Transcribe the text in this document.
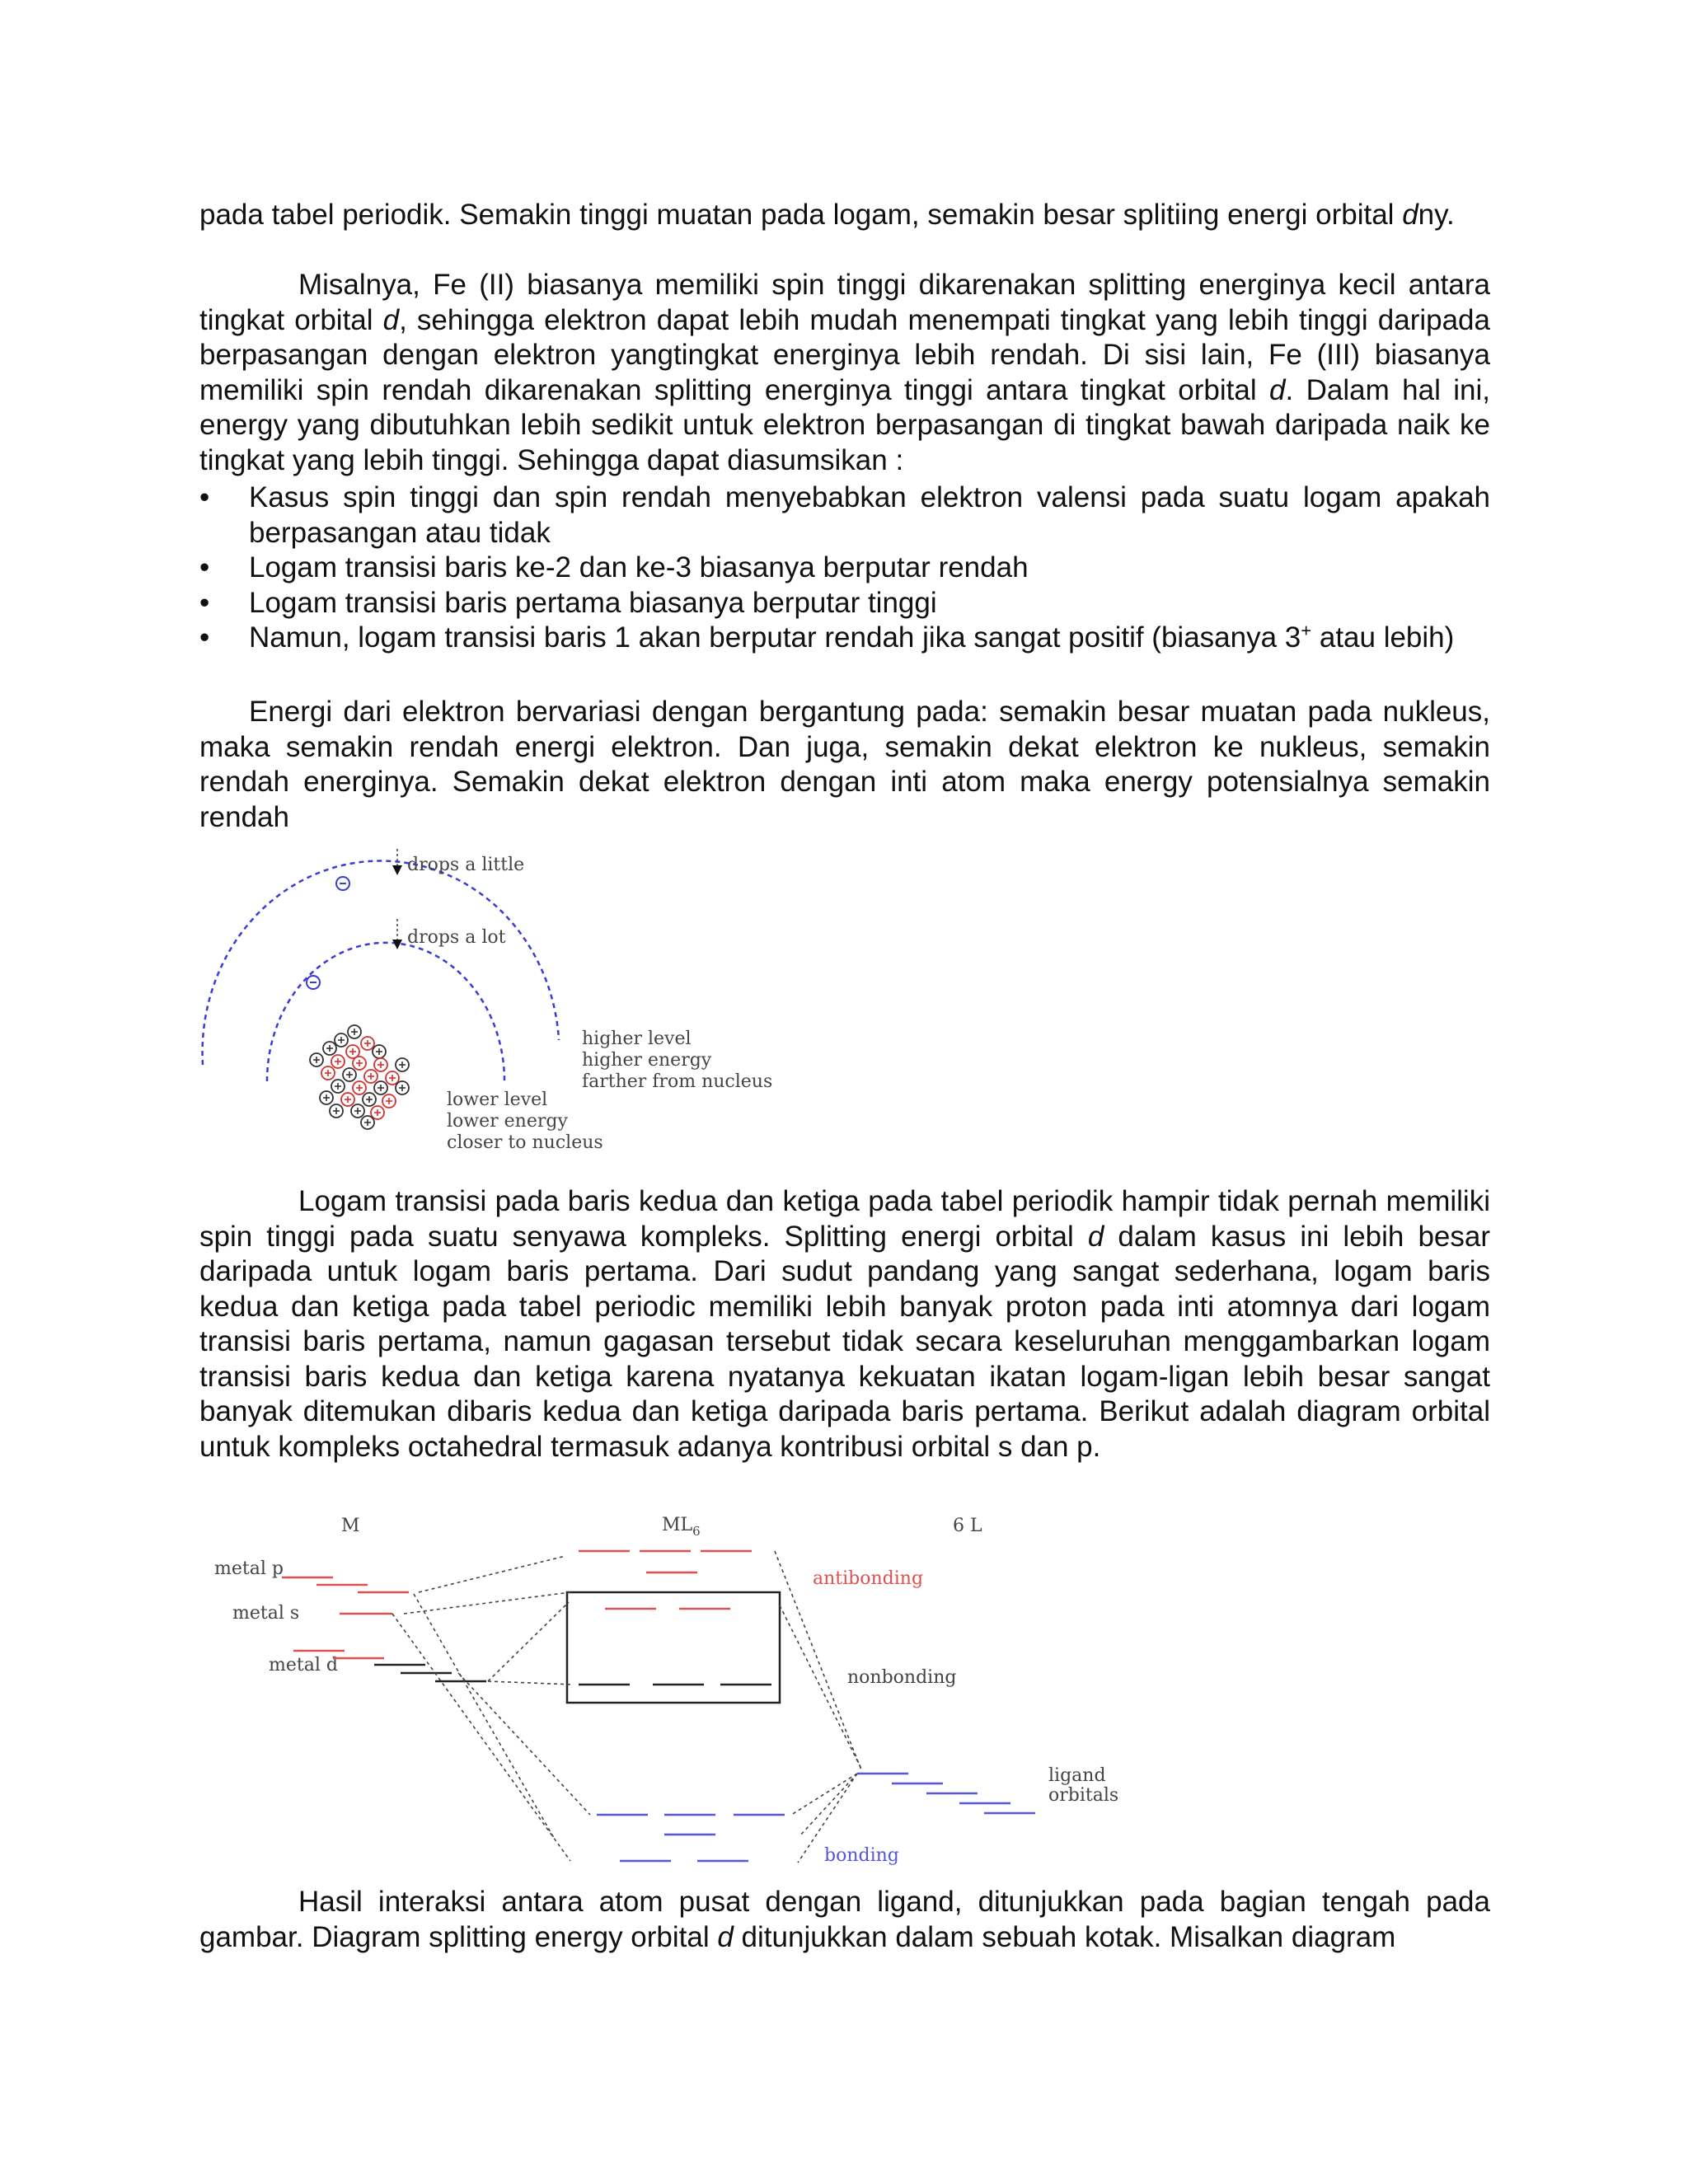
pada tabel periodik. Semakin tinggi muatan pada logam, semakin besar splitiing energi orbital dny.

Misalnya, Fe (II) biasanya memiliki spin tinggi dikarenakan splitting energinya kecil antara tingkat orbital d, sehingga elektron dapat lebih mudah menempati tingkat yang lebih tinggi daripada berpasangan dengan elektron yangtingkat energinya lebih rendah. Di sisi lain, Fe (III) biasanya memiliki spin rendah dikarenakan splitting energinya tinggi antara tingkat orbital d. Dalam hal ini, energy yang dibutuhkan lebih sedikit untuk elektron berpasangan di tingkat bawah daripada naik ke tingkat yang lebih tinggi. Sehingga dapat diasumsikan :

•	Kasus spin tinggi dan spin rendah menyebabkan elektron valensi pada suatu logam apakah berpasangan atau tidak
•	Logam transisi baris ke-2 dan ke-3 biasanya berputar rendah
•	Logam transisi baris pertama biasanya berputar tinggi
•	Namun, logam transisi baris 1 akan berputar rendah jika sangat positif (biasanya 3+ atau lebih)

Energi dari elektron bervariasi dengan bergantung pada: semakin besar muatan pada nukleus, maka semakin rendah energi elektron. Dan juga, semakin dekat elektron ke nukleus, semakin rendah energinya. Semakin dekat elektron dengan inti atom maka energy potensialnya semakin rendah

drops a little
drops a lot
higher level
higher energy
farther from nucleus
lower level
lower energy
closer to nucleus

Logam transisi pada baris kedua dan ketiga pada tabel periodik hampir tidak pernah memiliki spin tinggi pada suatu senyawa kompleks. Splitting energi orbital d dalam kasus ini lebih besar daripada untuk logam baris pertama. Dari sudut pandang yang sangat sederhana, logam baris kedua dan ketiga pada tabel periodic memiliki lebih banyak proton pada inti atomnya dari logam transisi baris pertama, namun gagasan tersebut tidak secara keseluruhan menggambarkan logam transisi baris kedua dan ketiga karena nyatanya kekuatan ikatan logam-ligan lebih besar sangat banyak ditemukan dibaris kedua dan ketiga daripada baris pertama. Berikut adalah diagram orbital untuk kompleks octahedral termasuk adanya kontribusi orbital s dan p.

M	$ML_6$	6 L
metal p
metal s
metal d
antibonding
nonbonding
bonding
ligand
orbitals

Hasil interaksi antara atom pusat dengan ligand, ditunjukkan pada bagian tengah pada gambar. Diagram splitting energy orbital d ditunjukkan dalam sebuah kotak. Misalkan diagram
